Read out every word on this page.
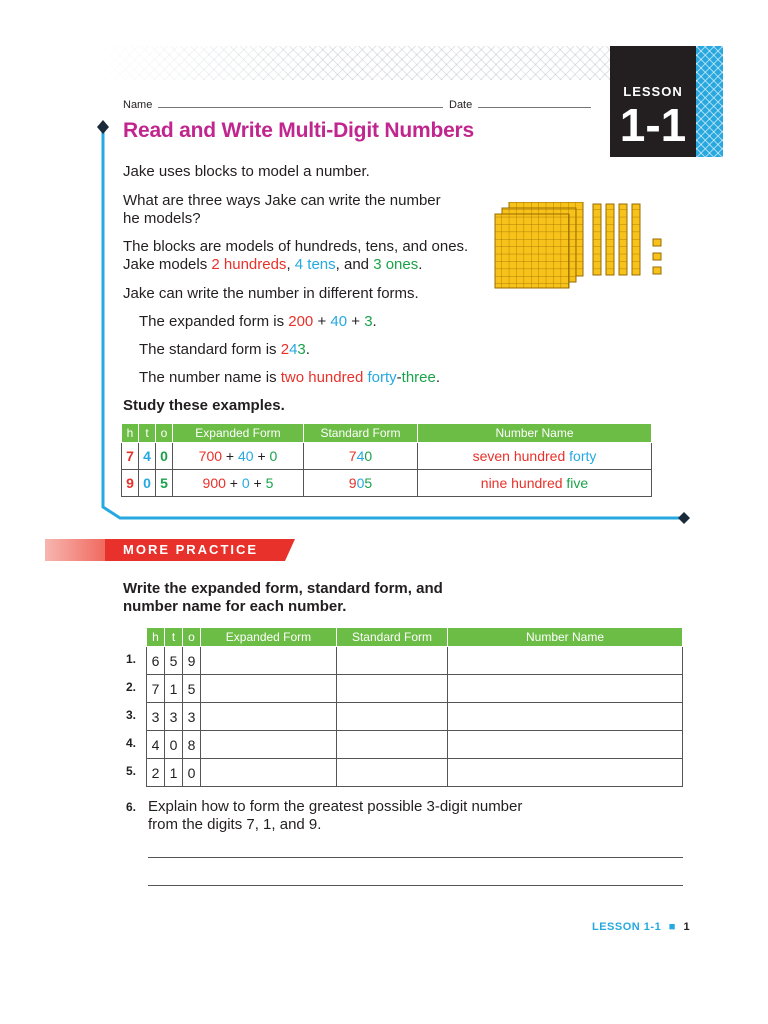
LESSON
1-1
Name	Date
Read and Write Multi-Digit Numbers
Jake uses blocks to model a number.
What are three ways Jake can write the number
he models?
The blocks are models of hundreds, tens, and ones.
Jake models 2 hundreds, 4 tens, and 3 ones.
Jake can write the number in different forms.
The expanded form is 200 + 40 + 3.
The standard form is 243.
The number name is two hundred forty-three.
Study these examples.
h	t	o	Expanded Form	Standard Form	Number Name
7	4	0	700 + 40 + 0	740	seven hundred forty
9	0	5	900 + 0 + 5	905	nine hundred five
MORE PRACTICE
Write the expanded form, standard form, and
number name for each number.
h	t	o	Expanded Form	Standard Form	Number Name
6	5	9			
7	1	5			
3	3	3			
4	0	8			
2	1	0			
1.
2.
3.
4.
5.
6. Explain how to form the greatest possible 3-digit number
from the digits 7, 1, and 9.
LESSON 1-1 ■ 1
